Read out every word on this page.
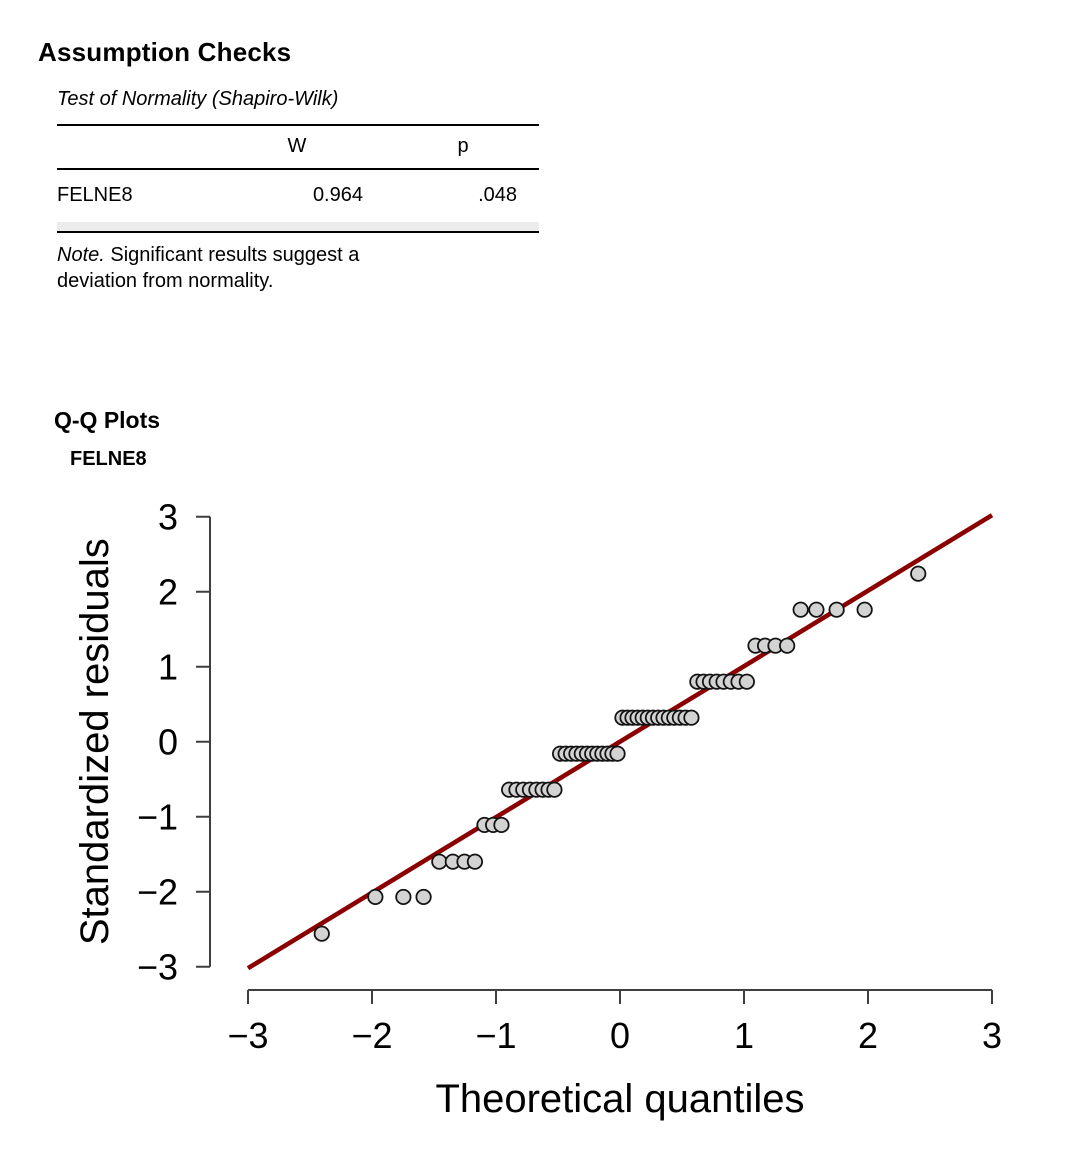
Assumption Checks
Test of Normality (Shapiro-Wilk)
	W	p
FELNE8	0.964	.048
Note. Significant results suggest a
deviation from normality.
Q-Q Plots
FELNE8
−3
−2
−1
0
1
2
3
−3 −2 −1	0	1	2	3
Standardized residuals
Theoretical quantiles
